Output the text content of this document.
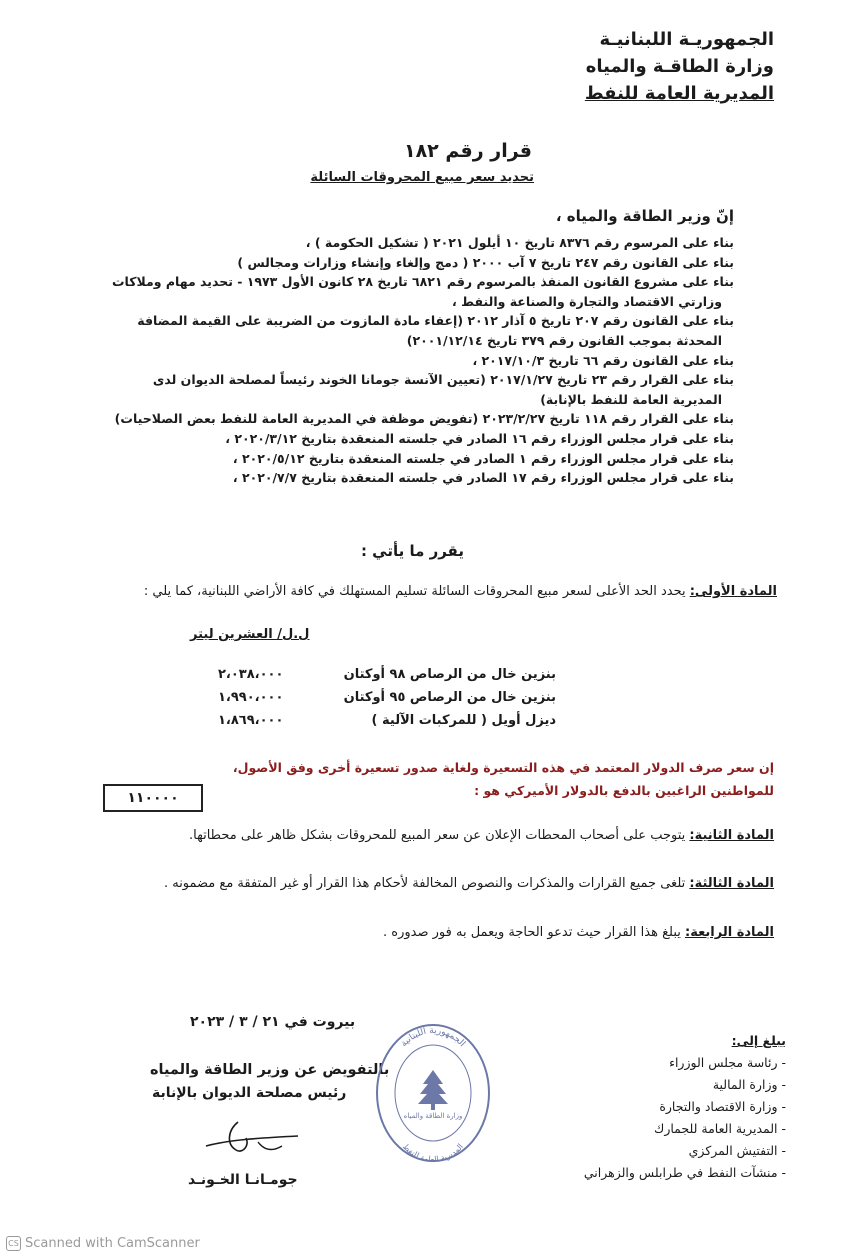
الجمهوريـة اللبنانيـة
وزارة الطاقـة والمياه
المديرية العامة للنفط
قرار رقم ١٨٢
تحديد سعر مبيع المحروقات السائلة
إنّ وزير الطاقة والمياه ،
بناء على المرسوم رقم ٨٣٧٦ تاريخ ١٠ أيلول ٢٠٢١ ( تشكيل الحكومة ) ،
بناء على القانون رقم ٢٤٧ تاريخ ٧ آب ٢٠٠٠ ( دمج وإلغاء وإنشاء وزارات ومجالس )
بناء على مشروع القانون المنفذ بالمرسوم رقم ٦٨٢١ تاريخ ٢٨ كانون الأول ١٩٧٣ - تحديد مهام وملاكات
وزارتي الاقتصاد والتجارة والصناعة والنفط ،
بناء على القانون رقم ٢٠٧ تاريخ ٥ آذار ٢٠١٢ (إعفاء مادة المازوت من الضريبة على القيمة المضافة
المحدثة بموجب القانون رقم ٣٧٩ تاريخ ٢٠٠١/١٢/١٤)
بناء على القانون رقم ٦٦ تاريخ ٢٠١٧/١٠/٣ ،
بناء على القرار رقم ٢٣ تاريخ ٢٠١٧/١/٢٧ (تعيين الآنسة جومانا الخوند رئيساً لمصلحة الديوان لدى
المديرية العامة للنفط بالإنابة)
بناء على القرار رقم ١١٨ تاريخ ٢٠٢٣/٢/٢٧ (تفويض موظفة في المديرية العامة للنفط بعض الصلاحيات)
بناء على قرار مجلس الوزراء رقم ١٦ الصادر في جلسته المنعقدة بتاريخ ٢٠٢٠/٣/١٢ ،
بناء على قرار مجلس الوزراء رقم ١ الصادر في جلسته المنعقدة بتاريخ ٢٠٢٠/٥/١٢ ،
بناء على قرار مجلس الوزراء رقم ١٧ الصادر في جلسته المنعقدة بتاريخ ٢٠٢٠/٧/٧ ،
يقرر ما يأتي :
المادة الأولى: يحدد الحد الأعلى لسعر مبيع المحروقات السائلة تسليم المستهلك في كافة الأراضي اللبنانية، كما يلي :
ل.ل/ العشرين ليتر
بنزين خال من الرصاص ٩٨ أوكتان
٢،٠٣٨،٠٠٠
بنزين خال من الرصاص ٩٥ أوكتان
١،٩٩٠،٠٠٠
ديزل أويل ( للمركبات الآلية )
١،٨٦٩،٠٠٠
إن سعر صرف الدولار المعتمد في هذه التسعيرة ولغاية صدور تسعيرة أخرى وفق الأصول،
للمواطنين الراغبين بالدفع بالدولار الأميركي هو :
١١٠٠٠٠
المادة الثانية: يتوجب على أصحاب المحطات الإعلان عن سعر المبيع للمحروقات بشكل ظاهر على محطاتها.
المادة الثالثة: تلغى جميع القرارات والمذكرات والنصوص المخالفة لأحكام هذا القرار أو غير المتفقة مع مضمونه .
المادة الرابعة: يبلغ هذا القرار حيث تدعو الحاجة ويعمل به فور صدوره .
بيروت في ٢١ / ٣ / ٢٠٢٣
بالتفويض عن وزير الطاقة والمياه
رئيس مصلحة الديوان بالإنابة
جومـانـا الخـونـد
الجمهورية اللبنانية
وزارة الطاقة والمياه
المديرية العامة للنفط
يبلغ إلى:
- رئاسة مجلس الوزراء
- وزارة المالية
- وزارة الاقتصاد والتجارة
- المديرية العامة للجمارك
- التفتيش المركزي
- منشآت النفط في طرابلس والزهراني
CS Scanned with CamScanner
